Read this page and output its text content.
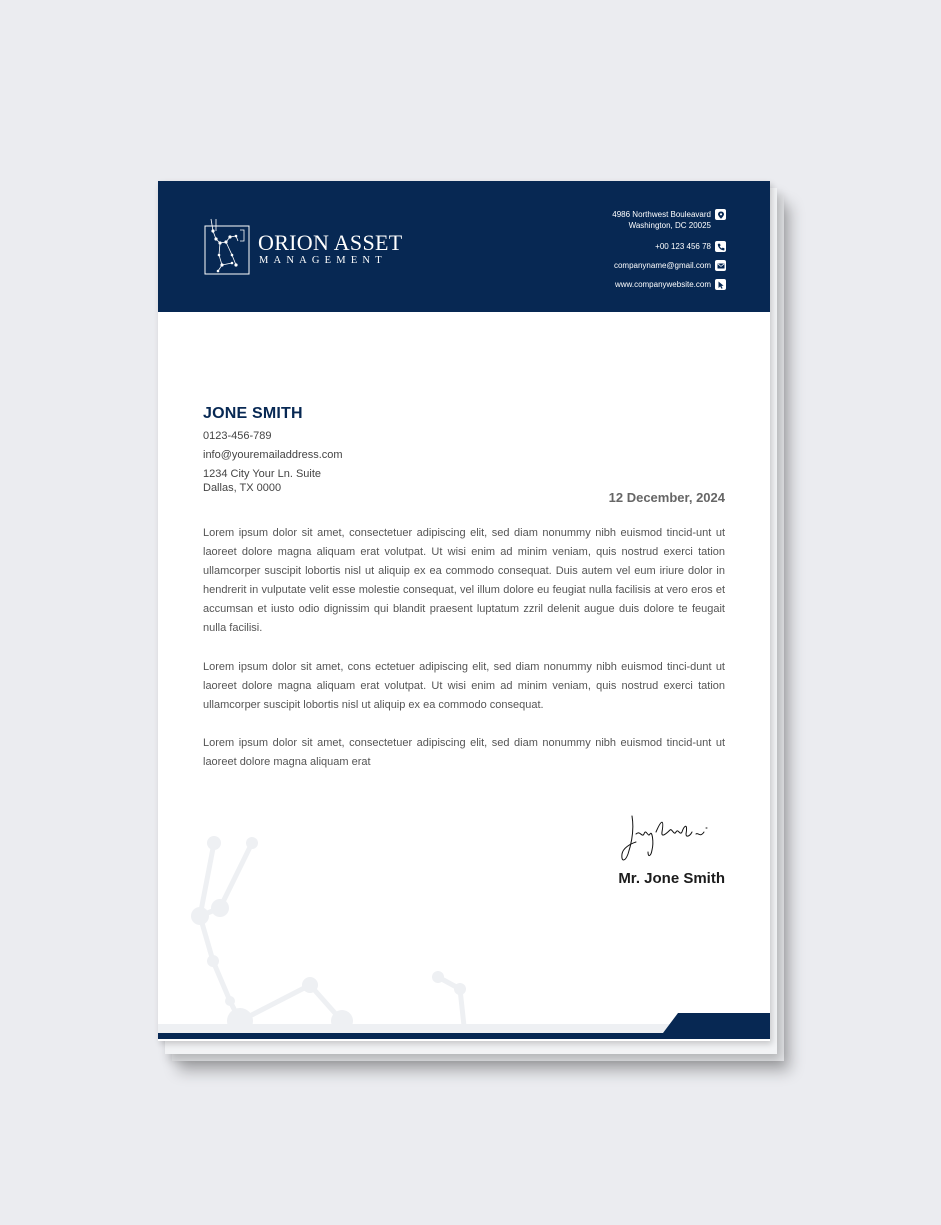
ORION ASSET
MANAGEMENT
4986 Northwest Bouleavard
Washington, DC 20025
+00 123 456 78
companyname@gmail.com
www.companywebsite.com
JONE SMITH
0123-456-789
info@youremailaddress.com
1234 City Your Ln. Suite
Dallas, TX 0000
12 December, 2024
Lorem ipsum dolor sit amet, consectetuer adipiscing elit, sed diam nonummy nibh euismod tincid-unt ut laoreet dolore magna aliquam erat volutpat. Ut wisi enim ad minim veniam, quis nostrud exerci tation ullamcorper suscipit lobortis nisl ut aliquip ex ea commodo consequat. Duis autem vel eum iriure dolor in hendrerit in vulputate velit esse molestie consequat, vel illum dolore eu feugiat nulla facilisis at vero eros et accumsan et iusto odio dignissim qui blandit praesent luptatum zzril delenit augue duis dolore te feugait nulla facilisi.
Lorem ipsum dolor sit amet, cons ectetuer adipiscing elit, sed diam nonummy nibh euismod tinci-dunt ut laoreet dolore magna aliquam erat volutpat. Ut wisi enim ad minim veniam, quis nostrud exerci tation ullamcorper suscipit lobortis nisl ut aliquip ex ea commodo consequat.
Lorem ipsum dolor sit amet, consectetuer adipiscing elit, sed diam nonummy nibh euismod tincid-unt ut laoreet dolore magna aliquam erat
Mr. Jone Smith
